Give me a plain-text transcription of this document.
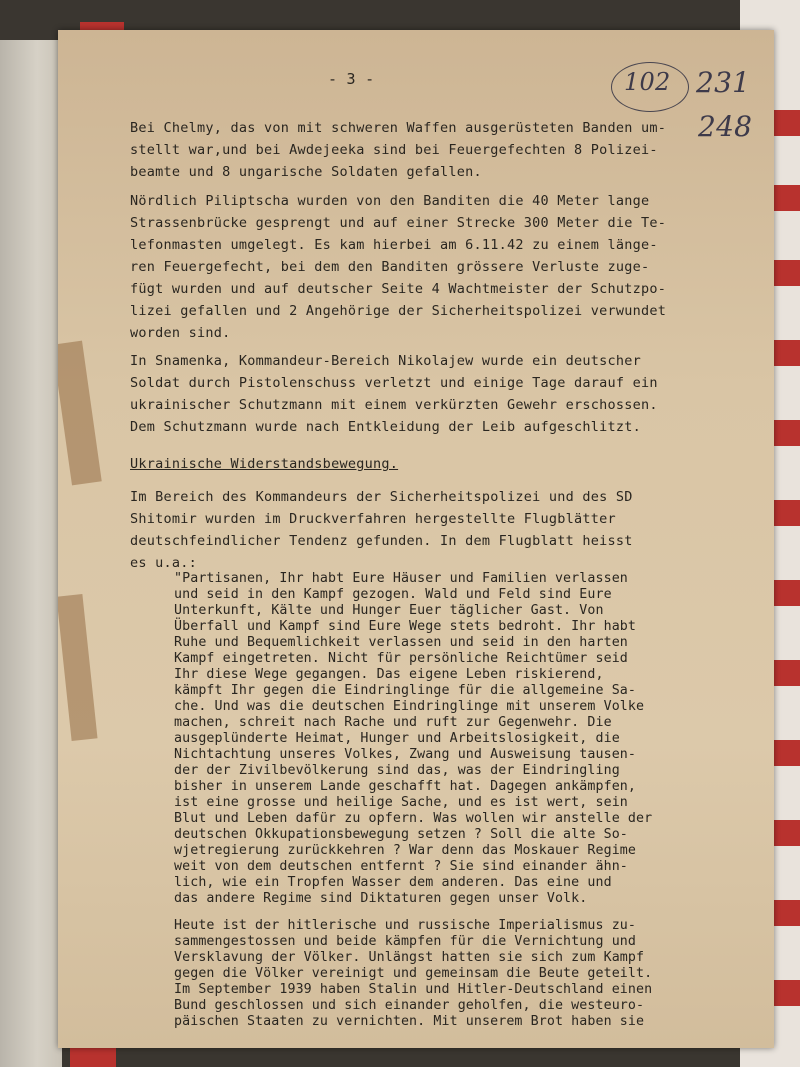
- 3 -	102 231
248
Bei Chelmy, das von mit schweren Waffen ausgerüsteten Banden um-
stellt war,und bei Awdejeeka sind bei Feuergefechten 8 Polizei-
beamte und 8 ungarische Soldaten gefallen.
Nördlich Piliptscha wurden von den Banditen die 40 Meter lange
Strassenbrücke gesprengt und auf einer Strecke 300 Meter die Te-
lefonmasten umgelegt. Es kam hierbei am 6.11.42 zu einem länge-
ren Feuergefecht, bei dem den Banditen grössere Verluste zuge-
fügt wurden und auf deutscher Seite 4 Wachtmeister der Schutzpo-
lizei gefallen und 2 Angehörige der Sicherheitspolizei verwundet
worden sind.
In Snamenka, Kommandeur-Bereich Nikolajew wurde ein deutscher
Soldat durch Pistolenschuss verletzt und einige Tage darauf ein
ukrainischer Schutzmann mit einem verkürzten Gewehr erschossen.
Dem Schutzmann wurde nach Entkleidung der Leib aufgeschlitzt.
Ukrainische Widerstandsbewegung.
Im Bereich des Kommandeurs der Sicherheitspolizei und des SD
Shitomir wurden im Druckverfahren hergestellte Flugblätter
deutschfeindlicher Tendenz gefunden. In dem Flugblatt heisst
es u.a.:
"Partisanen, Ihr habt Eure Häuser und Familien verlassen
und seid in den Kampf gezogen. Wald und Feld sind Eure
Unterkunft, Kälte und Hunger Euer täglicher Gast. Von
Überfall und Kampf sind Eure Wege stets bedroht. Ihr habt
Ruhe und Bequemlichkeit verlassen und seid in den harten
Kampf eingetreten. Nicht für persönliche Reichtümer seid
Ihr diese Wege gegangen. Das eigene Leben riskierend,
kämpft Ihr gegen die Eindringlinge für die allgemeine Sa-
che. Und was die deutschen Eindringlinge mit unserem Volke
machen, schreit nach Rache und ruft zur Gegenwehr. Die
ausgeplünderte Heimat, Hunger und Arbeitslosigkeit, die
Nichtachtung unseres Volkes, Zwang und Ausweisung tausen-
der der Zivilbevölkerung sind das, was der Eindringling
bisher in unserem Lande geschafft hat. Dagegen ankämpfen,
ist eine grosse und heilige Sache, und es ist wert, sein
Blut und Leben dafür zu opfern. Was wollen wir anstelle der
deutschen Okkupationsbewegung setzen ? Soll die alte So-
wjetregierung zurückkehren ? War denn das Moskauer Regime
weit von dem deutschen entfernt ? Sie sind einander ähn-
lich, wie ein Tropfen Wasser dem anderen. Das eine und
das andere Regime sind Diktaturen gegen unser Volk.
Heute ist der hitlerische und russische Imperialismus zu-
sammengestossen und beide kämpfen für die Vernichtung und
Versklavung der Völker. Unlängst hatten sie sich zum Kampf
gegen die Völker vereinigt und gemeinsam die Beute geteilt.
Im September 1939 haben Stalin und Hitler-Deutschland einen
Bund geschlossen und sich einander geholfen, die westeuro-
päischen Staaten zu vernichten. Mit unserem Brot haben sie
